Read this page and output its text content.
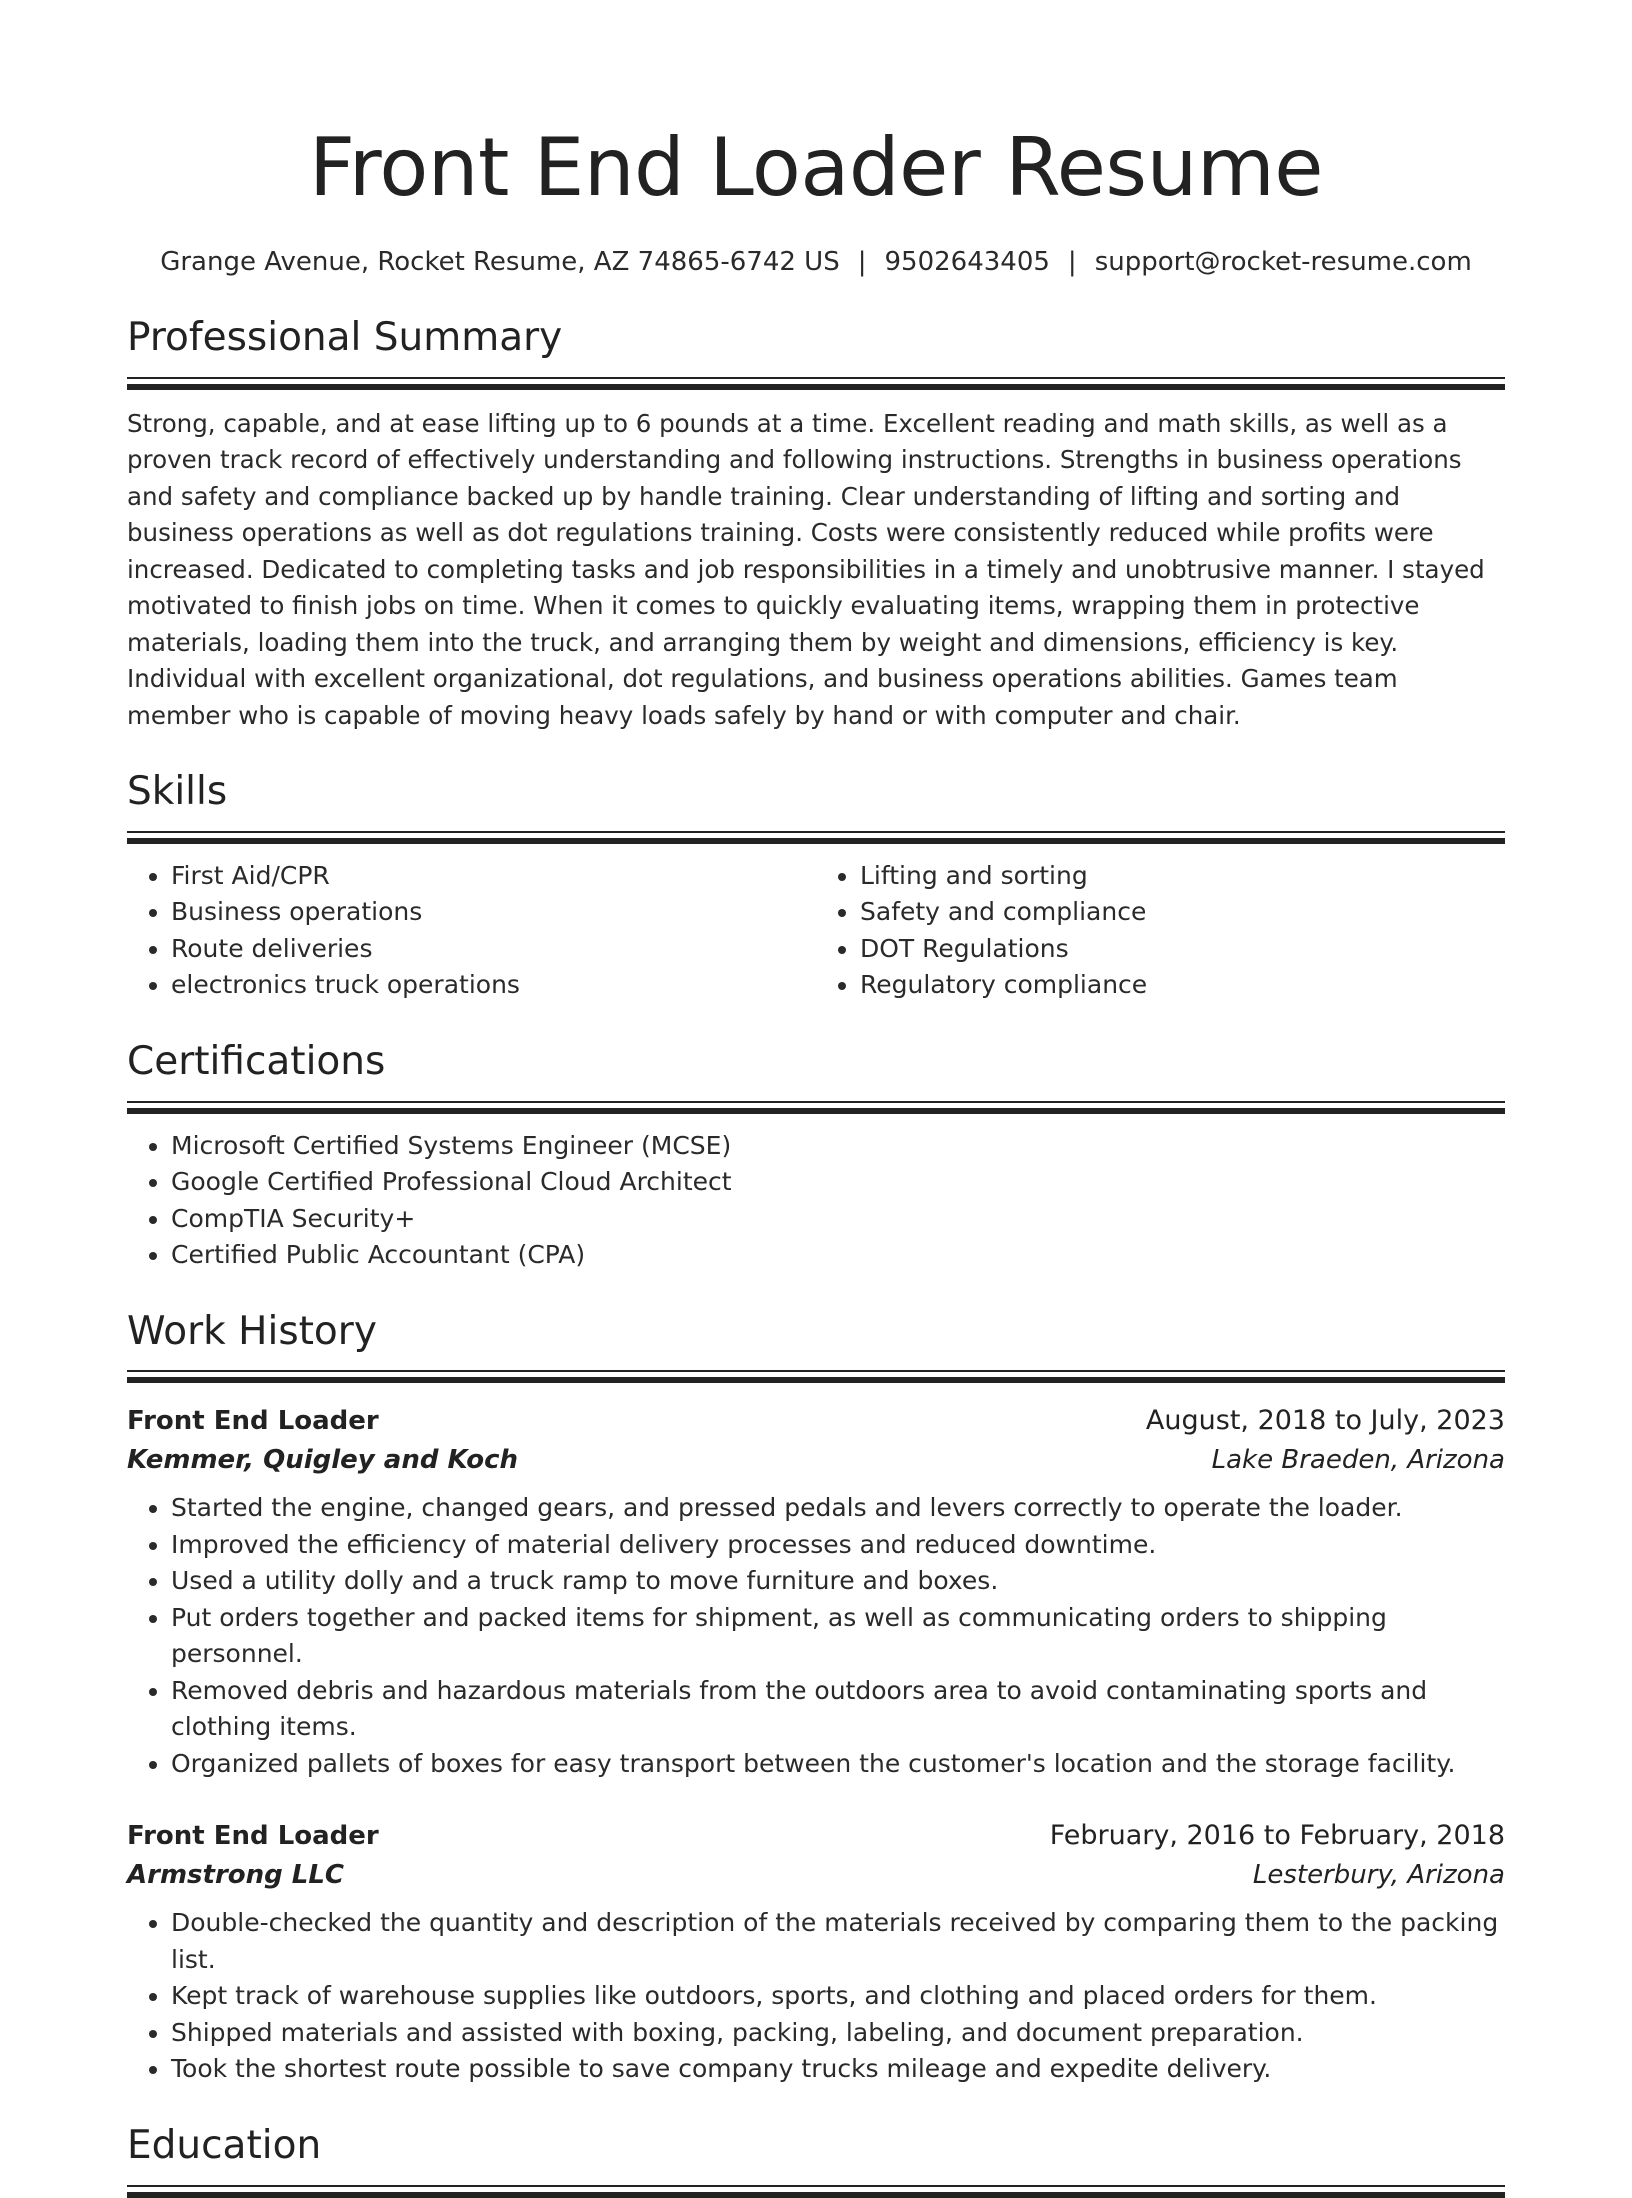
Front End Loader Resume
Grange Avenue, Rocket Resume, AZ 74865-6742 US | 9502643405 | support@rocket-resume.com
Professional Summary
Strong, capable, and at ease lifting up to 6 pounds at a time. Excellent reading and math skills, as well as a proven track record of effectively understanding and following instructions. Strengths in business operations and safety and compliance backed up by handle training. Clear understanding of lifting and sorting and business operations as well as dot regulations training. Costs were consistently reduced while profits were increased. Dedicated to completing tasks and job responsibilities in a timely and unobtrusive manner. I stayed motivated to finish jobs on time. When it comes to quickly evaluating items, wrapping them in protective materials, loading them into the truck, and arranging them by weight and dimensions, efficiency is key. Individual with excellent organizational, dot regulations, and business operations abilities. Games team member who is capable of moving heavy loads safely by hand or with computer and chair.
Skills
• First Aid/CPR
• Business operations
• Route deliveries
• electronics truck operations
• Lifting and sorting
• Safety and compliance
• DOT Regulations
• Regulatory compliance
Certifications
• Microsoft Certified Systems Engineer (MCSE)
• Google Certified Professional Cloud Architect
• CompTIA Security+
• Certified Public Accountant (CPA)
Work History
Front End Loader	August, 2018 to July, 2023
Kemmer, Quigley and Koch	Lake Braeden, Arizona
• Started the engine, changed gears, and pressed pedals and levers correctly to operate the loader.
• Improved the efficiency of material delivery processes and reduced downtime.
• Used a utility dolly and a truck ramp to move furniture and boxes.
• Put orders together and packed items for shipment, as well as communicating orders to shipping personnel.
• Removed debris and hazardous materials from the outdoors area to avoid contaminating sports and clothing items.
• Organized pallets of boxes for easy transport between the customer's location and the storage facility.
Front End Loader	February, 2016 to February, 2018
Armstrong LLC	Lesterbury, Arizona
• Double-checked the quantity and description of the materials received by comparing them to the packing list.
• Kept track of warehouse supplies like outdoors, sports, and clothing and placed orders for them.
• Shipped materials and assisted with boxing, packing, labeling, and document preparation.
• Took the shortest route possible to save company trucks mileage and expedite delivery.
Education
